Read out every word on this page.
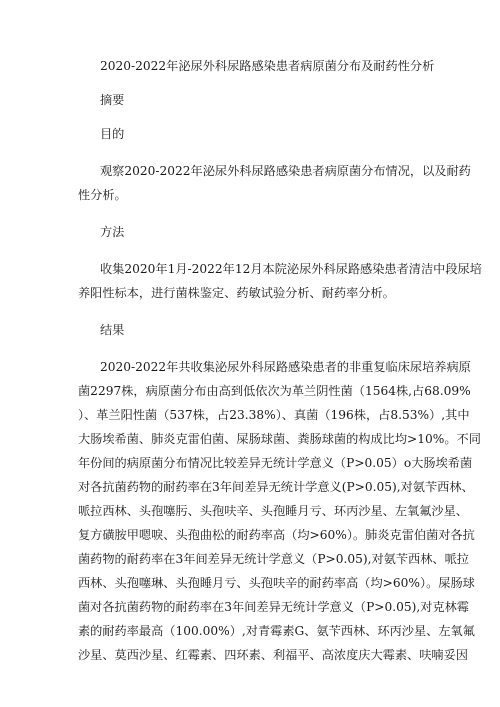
2020-2022年泌尿外科尿路感染患者病原菌分布及耐药性分析

摘要

目的

观察2020-2022年泌尿外科尿路感染患者病原菌分布情况，以及耐药
性分析。

方法

收集2020年1月-2022年12月本院泌尿外科尿路感染患者清洁中段尿培
养阳性标本，进行菌株鉴定、药敏试验分析、耐药率分析。

结果

2020-2022年共收集泌尿外科尿路感染患者的非重复临床尿培养病原
菌2297株，病原菌分布由高到低依次为革兰阴性菌（1564株,占68.09%
）、革兰阳性菌（537株，占23.38%）、真菌（196株，占8.53%）,其中
大肠埃希菌、肺炎克雷伯菌、屎肠球菌、粪肠球菌的构成比均>10%。不同
年份间的病原菌分布情况比较差异无统计学意义（P>0.05）o大肠埃希菌
对各抗菌药物的耐药率在3年间差异无统计学意义(P>0.05),对氨苄西林、
哌拉西林、头孢噻肟、头孢呋辛、头孢睡月亏、环丙沙星、左氧氟沙星、
复方磺胺甲嗯唳、头孢曲松的耐药率高（均>60%）。肺炎克雷伯菌对各抗
菌药物的耐药率在3年间差异无统计学意义（P>0.05),对氨苄西林、哌拉
西林、头孢噻琳、头孢睡月亏、头孢呋辛的耐药率高（均>60%）。屎肠球
菌对各抗菌药物的耐药率在3年间差异无统计学意义（P>0.05),对克林霉
素的耐药率最高（100.00%）,对青霉素G、氨苄西林、环丙沙星、左氧氟
沙星、莫西沙星、红霉素、四环素、利福平、高浓度庆大霉素、呋喃妥因
